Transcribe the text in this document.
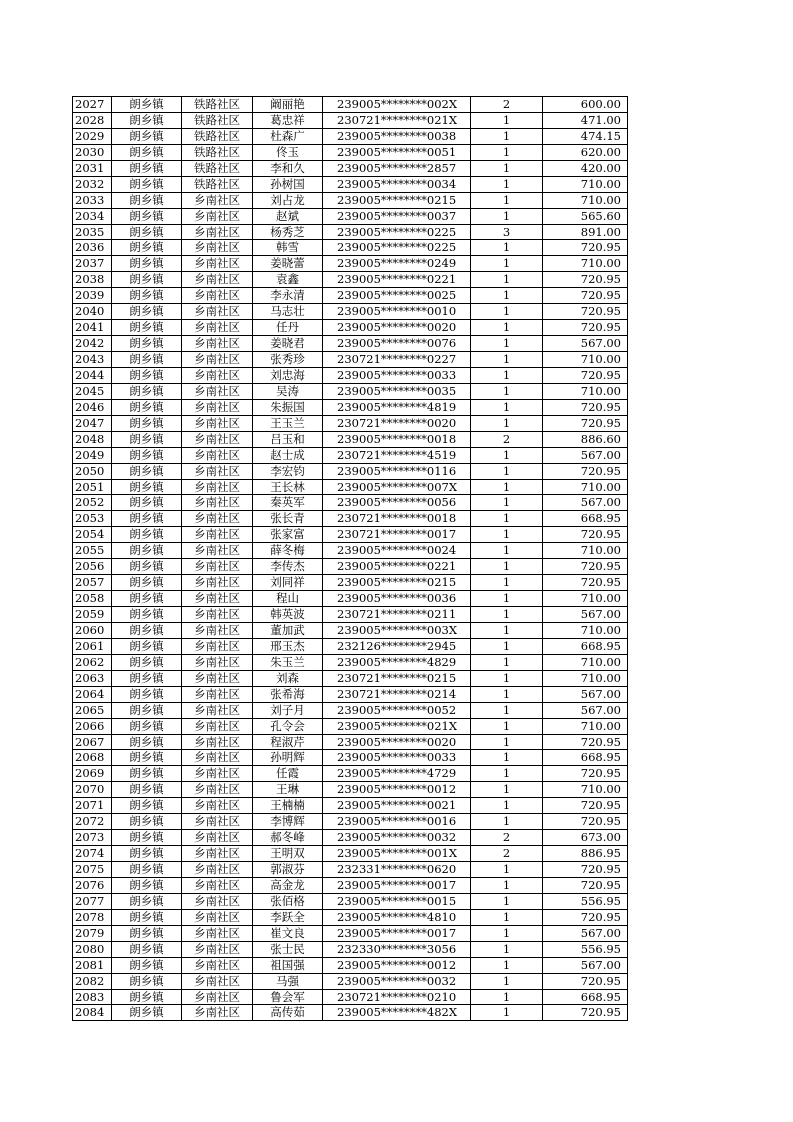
2027	朗乡镇	铁路社区	阚丽艳	239005********002X	2	600.00
2028	朗乡镇	铁路社区	葛忠祥	230721********021X	1	471.00
2029	朗乡镇	铁路社区	杜森广	239005********0038	1	474.15
2030	朗乡镇	铁路社区	佟玉	239005********0051	1	620.00
2031	朗乡镇	铁路社区	李和久	239005********2857	1	420.00
2032	朗乡镇	铁路社区	孙树国	239005********0034	1	710.00
2033	朗乡镇	乡南社区	刘占龙	239005********0215	1	710.00
2034	朗乡镇	乡南社区	赵斌	239005********0037	1	565.60
2035	朗乡镇	乡南社区	杨秀芝	239005********0225	3	891.00
2036	朗乡镇	乡南社区	韩雪	239005********0225	1	720.95
2037	朗乡镇	乡南社区	姜晓蕾	239005********0249	1	710.00
2038	朗乡镇	乡南社区	袁鑫	239005********0221	1	720.95
2039	朗乡镇	乡南社区	李永清	239005********0025	1	720.95
2040	朗乡镇	乡南社区	马志壮	239005********0010	1	720.95
2041	朗乡镇	乡南社区	任丹	239005********0020	1	720.95
2042	朗乡镇	乡南社区	姜晓君	239005********0076	1	567.00
2043	朗乡镇	乡南社区	张秀珍	230721********0227	1	710.00
2044	朗乡镇	乡南社区	刘忠海	239005********0033	1	720.95
2045	朗乡镇	乡南社区	吴涛	239005********0035	1	710.00
2046	朗乡镇	乡南社区	朱振国	239005********4819	1	720.95
2047	朗乡镇	乡南社区	王玉兰	230721********0020	1	720.95
2048	朗乡镇	乡南社区	吕玉和	239005********0018	2	886.60
2049	朗乡镇	乡南社区	赵士成	230721********4519	1	567.00
2050	朗乡镇	乡南社区	李宏钧	239005********0116	1	720.95
2051	朗乡镇	乡南社区	王长林	239005********007X	1	710.00
2052	朗乡镇	乡南社区	秦英军	239005********0056	1	567.00
2053	朗乡镇	乡南社区	张长青	230721********0018	1	668.95
2054	朗乡镇	乡南社区	张家富	230721********0017	1	720.95
2055	朗乡镇	乡南社区	薛冬梅	239005********0024	1	710.00
2056	朗乡镇	乡南社区	李传杰	239005********0221	1	720.95
2057	朗乡镇	乡南社区	刘同祥	239005********0215	1	720.95
2058	朗乡镇	乡南社区	程山	239005********0036	1	710.00
2059	朗乡镇	乡南社区	韩英波	230721********0211	1	567.00
2060	朗乡镇	乡南社区	董加武	239005********003X	1	710.00
2061	朗乡镇	乡南社区	邢玉杰	232126********2945	1	668.95
2062	朗乡镇	乡南社区	朱玉兰	239005********4829	1	710.00
2063	朗乡镇	乡南社区	刘森	230721********0215	1	710.00
2064	朗乡镇	乡南社区	张希海	230721********0214	1	567.00
2065	朗乡镇	乡南社区	刘子月	239005********0052	1	567.00
2066	朗乡镇	乡南社区	孔令会	239005********021X	1	710.00
2067	朗乡镇	乡南社区	程淑芹	239005********0020	1	720.95
2068	朗乡镇	乡南社区	孙明辉	239005********0033	1	668.95
2069	朗乡镇	乡南社区	任霞	239005********4729	1	720.95
2070	朗乡镇	乡南社区	王琳	239005********0012	1	710.00
2071	朗乡镇	乡南社区	王楠楠	239005********0021	1	720.95
2072	朗乡镇	乡南社区	李博辉	239005********0016	1	720.95
2073	朗乡镇	乡南社区	郝冬峰	239005********0032	2	673.00
2074	朗乡镇	乡南社区	王明双	239005********001X	2	886.95
2075	朗乡镇	乡南社区	郭淑芬	232331********0620	1	720.95
2076	朗乡镇	乡南社区	高金龙	239005********0017	1	720.95
2077	朗乡镇	乡南社区	张佰格	239005********0015	1	556.95
2078	朗乡镇	乡南社区	李跃全	239005********4810	1	720.95
2079	朗乡镇	乡南社区	崔文良	239005********0017	1	567.00
2080	朗乡镇	乡南社区	张士民	232330********3056	1	556.95
2081	朗乡镇	乡南社区	祖国强	239005********0012	1	567.00
2082	朗乡镇	乡南社区	马强	239005********0032	1	720.95
2083	朗乡镇	乡南社区	鲁会军	230721********0210	1	668.95
2084	朗乡镇	乡南社区	高传茹	239005********482X	1	720.95
